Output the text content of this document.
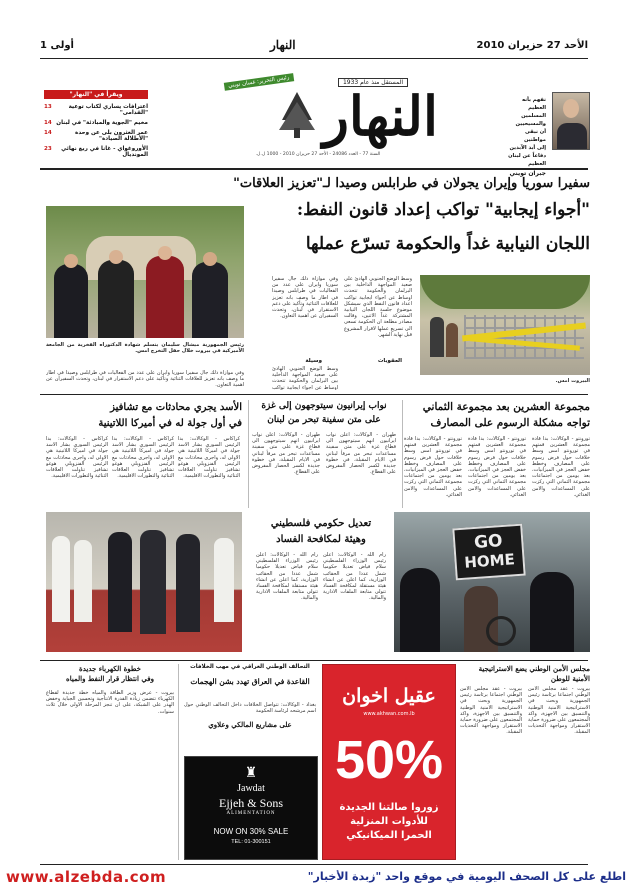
الأحد 27 حزيران 2010
النهار
أولى 1
نفهم بأنه العظيم
المسلمين والمسيحيين
أن نبقى مواطنين
إلى أبد الآبدين
دفاعاً عن لبنان العظيم
جبران تويني
المستقل منذ عام 1933
رئيس التحرير: غسان تويني
النهار
السنة 77 - العدد 24086 - الأحد 27 حزيران 2010 - 1000 ل.ل.
ويقرأ في "النهار"
اعترافات يساري لكتاب توعية "القدامى"
13
مخيم "الجوية والمبادئة" في لبنان
14
عمر العثرون بلى عن وحدة "الأطلالة الصيادة"
14
الأوروغواي - غانا في ربع نهائي المونديال
23
سفيرا سوريا وإيران يجولان في طرابلس وصيدا لـ"تعزيز العلاقات"
"أجواء إيجابية" تواكب إعداد قانون النفط:
اللجان النيابية غداً والحكومة تسرّع عملها
البيروت أمس.
وسط الوضع الجنوبي الهادئ على صعيد المواجهة الداخلية بين البرلمان والحكومة تتحدث اوساط عن اجواء ايجابية تواكب اعداد قانون النفط الذي سيشكل موضوع جلسة اللجان النيابية المشتركة غداً الاثنين، وقالت مصادر مطلعة ان الحكومة تسعى الى تسريع عملها لاقرار المشروع قبل نهاية الشهر.
العقوبات
وفي موازاة ذلك جال سفيرا سوريا وايران على عدد من الفعاليات في طرابلس وصيدا في اطار ما وصف بانه تعزيز للعلاقات الثنائية وتأكيد على دعم الاستقرار في لبنان، وتحدث السفيران عن اهمية التعاون.
وسيلة
وسط الوضع الجنوبي الهادئ على صعيد المواجهة الداخلية بين البرلمان والحكومة تتحدث اوساط عن اجواء ايجابية تواكب
رئيس الجمهورية ميشال سليمان يتسلم شهادة الدكتوراه الفخرية من الجامعة الأميركية في بيروت خلال حفل التخرج امس.
وفي موازاة ذلك جال سفيرا سوريا وايران على عدد من الفعاليات في طرابلس وصيدا في اطار ما وصف بانه تعزيز للعلاقات الثنائية وتأكيد على دعم الاستقرار في لبنان، وتحدث السفيران عن اهمية التعاون.
مجموعة العشرين بعد مجموعة الثماني
تواجه مشكلة الرسوم على المصارف
تورونتو - الوكالات: بدأ قادة مجموعة العشرين قمتهم في تورونتو امس وسط خلافات حول فرض رسوم على المصارف وخطط خفض العجز في الميزانيات، بعد يومين من اجتماعات مجموعة الثماني التي ركزت على المساعدات والامن الغذائي.
تورونتو - الوكالات: بدأ قادة مجموعة العشرين قمتهم في تورونتو امس وسط خلافات حول فرض رسوم على المصارف وخطط خفض العجز في الميزانيات، بعد يومين من اجتماعات مجموعة الثماني التي ركزت على المساعدات والامن الغذائي.
تورونتو - الوكالات: بدأ قادة مجموعة العشرين قمتهم في تورونتو امس وسط خلافات حول فرض رسوم على المصارف وخطط خفض العجز في الميزانيات، بعد يومين من اجتماعات مجموعة الثماني التي ركزت على المساعدات والامن الغذائي.
نواب إيرانيون سيتوجهون إلى غزة
على متن سفينة تبحر من لبنان
طهران - الوكالات: اعلن نواب ايرانيون انهم سيتوجهون الى قطاع غزة على متن سفينة مساعدات تبحر من مرفأ لبناني في الايام المقبلة، في خطوة جديدة لكسر الحصار المفروض على القطاع.
طهران - الوكالات: اعلن نواب ايرانيون انهم سيتوجهون الى قطاع غزة على متن سفينة مساعدات تبحر من مرفأ لبناني في الايام المقبلة، في خطوة جديدة لكسر الحصار المفروض على القطاع.
الأسد يجري محادثات مع تشافيز
في أول جولة له في أميركا اللاتينية
كراكاس - الوكالات: بدأ الرئيس السوري بشار الاسد جولة في اميركا اللاتينية هي الاولى له، واجرى محادثات مع الرئيس الفنزويلي هوغو تشافيز تناولت العلاقات الثنائية والتطورات الاقليمية.
كراكاس - الوكالات: بدأ الرئيس السوري بشار الاسد جولة في اميركا اللاتينية هي الاولى له، واجرى محادثات مع الرئيس الفنزويلي هوغو تشافيز تناولت العلاقات الثنائية والتطورات الاقليمية.
كراكاس - الوكالات: بدأ الرئيس السوري بشار الاسد جولة في اميركا اللاتينية هي الاولى له، واجرى محادثات مع الرئيس الفنزويلي هوغو تشافيز تناولت العلاقات الثنائية والتطورات الاقليمية.
GO
HOME
تعديل حكومي فلسطيني
وهيئة لمكافحة الفساد
رام الله - الوكالات: اعلن رئيس الوزراء الفلسطيني سلام فياض تعديلا حكوميا شمل عددا من الحقائب الوزارية، كما اعلن عن انشاء هيئة مستقلة لمكافحة الفساد تتولى متابعة الملفات الادارية والمالية.
رام الله - الوكالات: اعلن رئيس الوزراء الفلسطيني سلام فياض تعديلا حكوميا شمل عددا من الحقائب الوزارية، كما اعلن عن انشاء هيئة مستقلة لمكافحة الفساد تتولى متابعة الملفات الادارية والمالية.
مجلس الأمن الوطني يضع الاستراتيجية الأمنية للوطن
بيروت - عقد مجلس الامن الوطني اجتماعا برئاسة رئيس الجمهورية وبحث في الاستراتيجية الامنية الوطنية والتنسيق بين الاجهزة، واكد المجتمعون على ضرورة حماية الاستقرار ومواجهة التحديات المقبلة.
بيروت - عقد مجلس الامن الوطني اجتماعا برئاسة رئيس الجمهورية وبحث في الاستراتيجية الامنية الوطنية والتنسيق بين الاجهزة، واكد المجتمعون على ضرورة حماية الاستقرار ومواجهة التحديات المقبلة.
عقيل اخوان
www.akhwan.com.lb
50%
زوروا صالتنا الجديدة
للأدوات المنزلية
الحمرا الميكانيكي
التحالف الوطني العراقي في مهب الخلافات
القاعدة في العراق تهدد بشن الهجمات
بغداد - الوكالات: تتواصل الخلافات داخل التحالف الوطني حول اسم مرشحه لرئاسة الحكومة
على مشاريع المالكي وعلاوي
♜
Jawdat
Ejjeh & Sons
ALIMENTATION
NOW ON 30% SALE
TEL: 01-300151
خطوة الكهرباء جديدة
وفي انتظار قرار النفط والمياه
بيروت - عرض وزير الطاقة والمياه خطة جديدة لقطاع الكهرباء تتضمن زيادة القدرة الانتاجية وتحسين الجباية وخفض الهدر على الشبكة، على ان تنجز المرحلة الاولى خلال ثلاث سنوات.
www.alzebda.com	اطلع على كل الصحف اليومية في موقع واحد "زبدة الأخبار"
